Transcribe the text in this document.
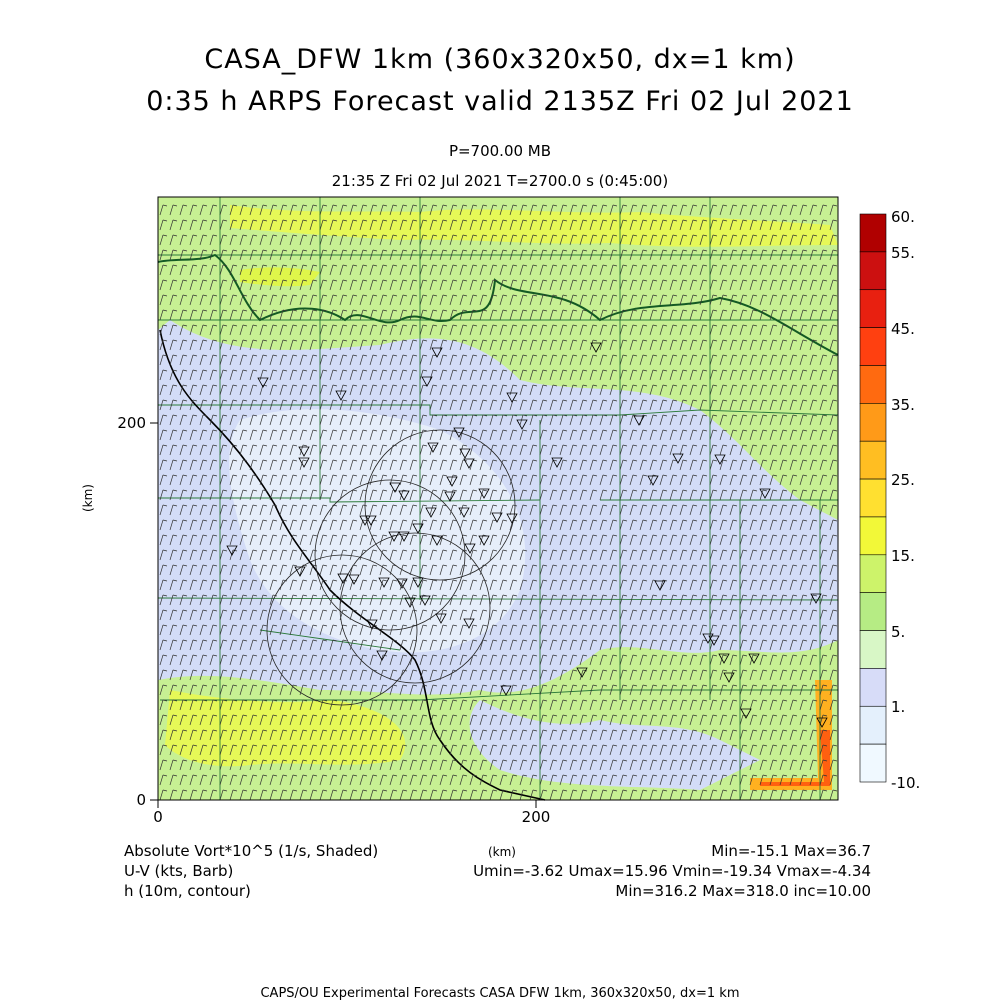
CASA_DFW 1km (360x320x50, dx=1 km)
0:35 h ARPS Forecast valid 2135Z Fri 02 Jul 2021
P=700.00 MB
21:35 Z Fri 02 Jul 2021 T=2700.0 s (0:45:00)
0	200
0
200
(km)
(km)
60.
55.
45.
35.
25.
15.
5.
1.
-10.
Absolute Vort*10^5 (1/s, Shaded)
U-V (kts, Barb)
h (10m, contour)
Min=-15.1 Max=36.7
Umin=-3.62 Umax=15.96 Vmin=-19.34 Vmax=-4.34
Min=316.2 Max=318.0 inc=10.00
CAPS/OU Experimental Forecasts CASA DFW 1km, 360x320x50, dx=1 km
